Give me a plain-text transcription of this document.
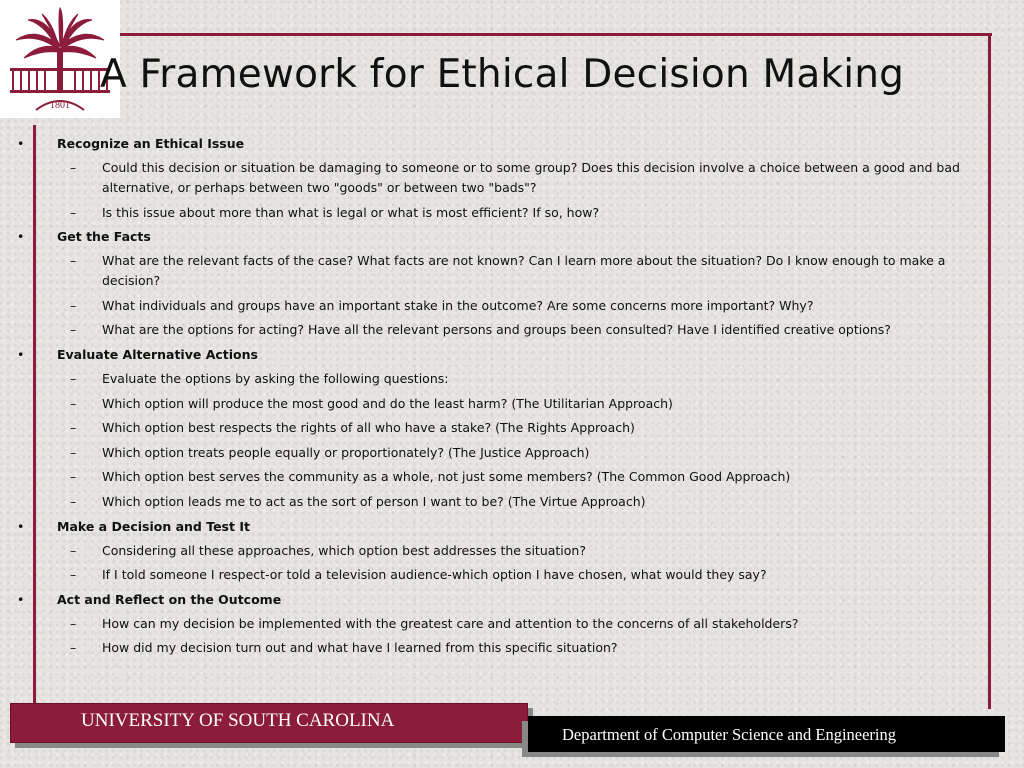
1801
A Framework for Ethical Decision Making
•	Recognize an Ethical Issue
– Could this decision or situation be damaging to someone or to some group? Does this decision involve a choice between a good and bad alternative, or perhaps between two "goods" or between two "bads"?
– Is this issue about more than what is legal or what is most efficient? If so, how?
•	Get the Facts
– What are the relevant facts of the case? What facts are not known? Can I learn more about the situation? Do I know enough to make a decision?
– What individuals and groups have an important stake in the outcome? Are some concerns more important? Why?
– What are the options for acting? Have all the relevant persons and groups been consulted? Have I identified creative options?
•	Evaluate Alternative Actions
– Evaluate the options by asking the following questions:
– Which option will produce the most good and do the least harm? (The Utilitarian Approach)
– Which option best respects the rights of all who have a stake? (The Rights Approach)
– Which option treats people equally or proportionately? (The Justice Approach)
– Which option best serves the community as a whole, not just some members? (The Common Good Approach)
– Which option leads me to act as the sort of person I want to be? (The Virtue Approach)
•	Make a Decision and Test It
– Considering all these approaches, which option best addresses the situation?
– If I told someone I respect-or told a television audience-which option I have chosen, what would they say?
•	Act and Reflect on the Outcome
– How can my decision be implemented with the greatest care and attention to the concerns of all stakeholders?
– How did my decision turn out and what have I learned from this specific situation?
UNIVERSITY OF SOUTH CAROLINA
Department of Computer Science and Engineering
